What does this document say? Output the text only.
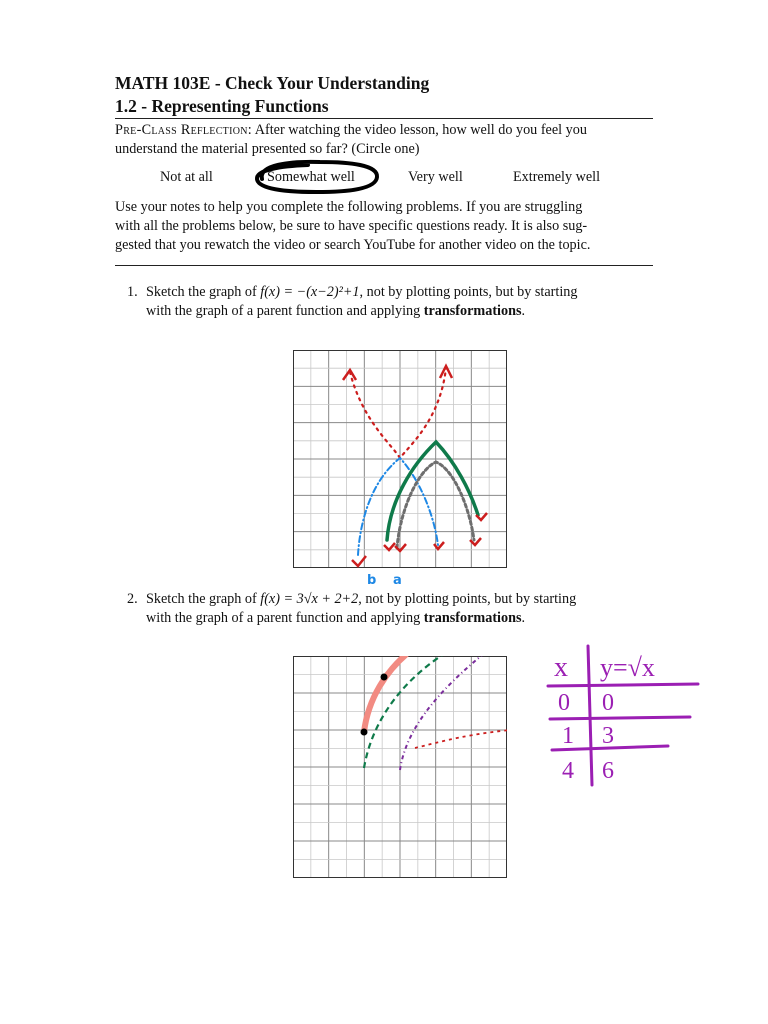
MATH 103E - Check Your Understanding
1.2 - Representing Functions
Pre-Class Reflection: After watching the video lesson, how well do you feel you
understand the material presented so far? (Circle one)
Not at all	Somewhat well	Very well	Extremely well
Use your notes to help you complete the following problems. If you are struggling
with all the problems below, be sure to have specific questions ready. It is also sug-
gested that you rewatch the video or search YouTube for another video on the topic.
1. Sketch the graph of f(x) = −(x−2)²+1, not by plotting points, but by starting
with the graph of a parent function and applying transformations.
2. Sketch the graph of f(x) = 3√x + 2+2, not by plotting points, but by starting
with the graph of a parent function and applying transformations.
b a
x y=√x
0 0
1 3
4 6
